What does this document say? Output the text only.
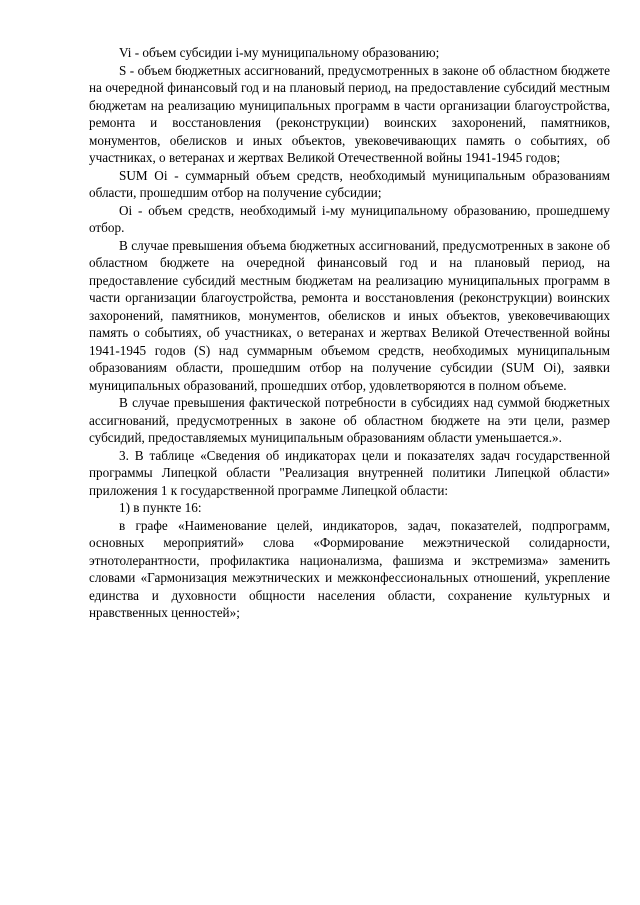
Vi - объем субсидии i-му муниципальному образованию;

S - объем бюджетных ассигнований, предусмотренных в законе об областном бюджете на очередной финансовый год и на плановый период, на предоставление субсидий местным бюджетам на реализацию муниципальных программ в части организации благоустройства, ремонта и восстановления (реконструкции) воинских захоронений, памятников, монументов, обелисков и иных объектов, увековечивающих память о событиях, об участниках, о ветеранах и жертвах Великой Отечественной войны 1941-1945 годов;

SUM Oi - суммарный объем средств, необходимый муниципальным образованиям области, прошедшим отбор на получение субсидии;

Oi - объем средств, необходимый i-му муниципальному образованию, прошедшему отбор.

В случае превышения объема бюджетных ассигнований, предусмотренных в законе об областном бюджете на очередной финансовый год и на плановый период, на предоставление субсидий местным бюджетам на реализацию муниципальных программ в части организации благоустройства, ремонта и восстановления (реконструкции) воинских захоронений, памятников, монументов, обелисков и иных объектов, увековечивающих память о событиях, об участниках, о ветеранах и жертвах Великой Отечественной войны 1941-1945 годов (S) над суммарным объемом средств, необходимых муниципальным образованиям области, прошедшим отбор на получение субсидии (SUM Oi), заявки муниципальных образований, прошедших отбор, удовлетворяются в полном объеме.

В случае превышения фактической потребности в субсидиях над суммой бюджетных ассигнований, предусмотренных в законе об областном бюджете на эти цели, размер субсидий, предоставляемых муниципальным образованиям области уменьшается.».

3. В таблице «Сведения об индикаторах цели и показателях задач государственной программы Липецкой области "Реализация внутренней политики Липецкой области» приложения 1 к государственной программе Липецкой области:

1) в пункте 16:

в графе «Наименование целей, индикаторов, задач, показателей, подпрограмм, основных мероприятий» слова «Формирование межэтнической солидарности, этнотолерантности, профилактика национализма, фашизма и экстремизма» заменить словами «Гармонизация межэтнических и межконфессиональных отношений, укрепление единства и духовности общности населения области, сохранение культурных и нравственных ценностей»;
